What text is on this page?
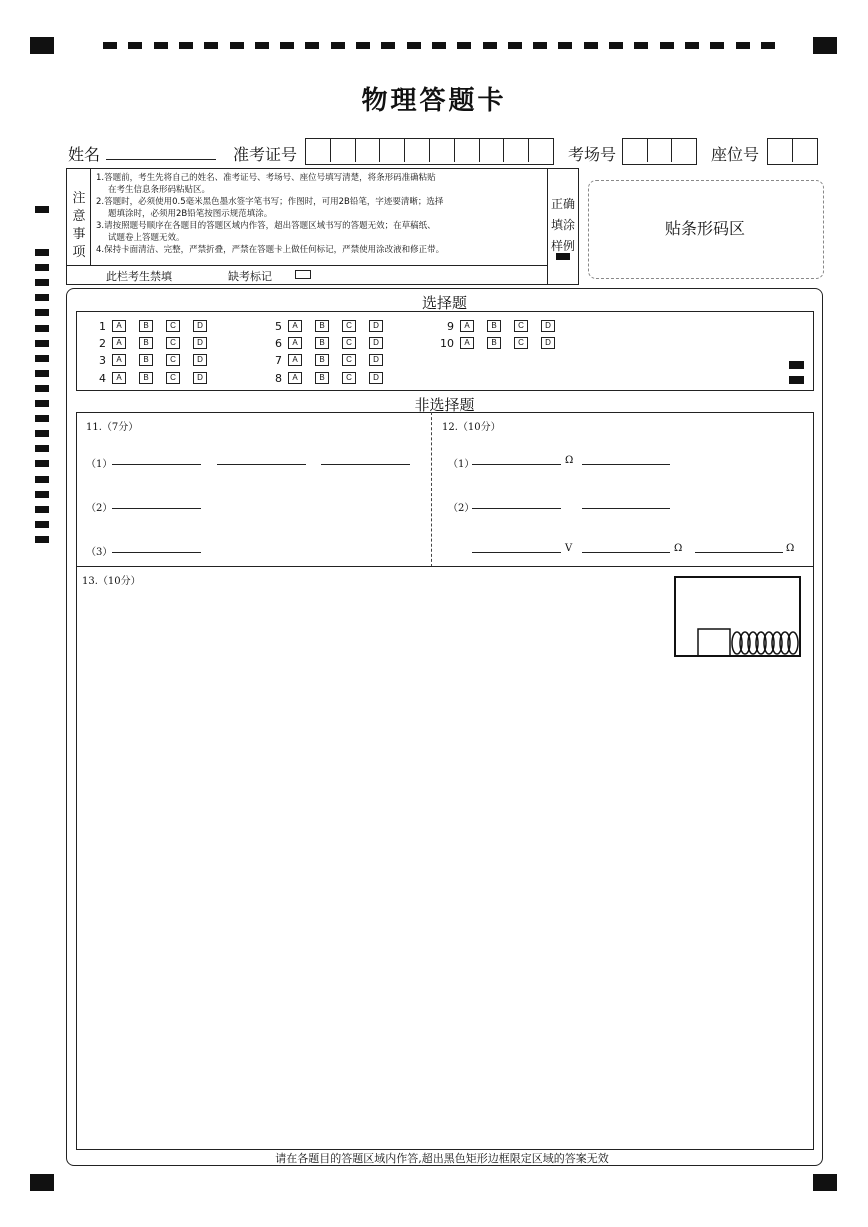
物理答题卡
姓名	准考证号	考场号	座位号
注
意
事
项
1.答题前，考生先将自己的姓名、准考证号、考场号、座位号填写清楚，将条形码准确粘贴
在考生信息条形码粘贴区。
2.答题时，必须使用0.5毫米黑色墨水签字笔书写；作图时，可用2B铅笔，字迹要清晰；选择
题填涂时，必须用2B铅笔按图示规范填涂。
3.请按照题号顺序在各题目的答题区域内作答，超出答题区域书写的答题无效；在草稿纸、
试题卷上答题无效。
4.保持卡面清洁、完整，严禁折叠，严禁在答题卡上做任何标记，严禁使用涂改液和修正带。
此栏考生禁填	缺考标记
正确
填涂
样例
贴条形码区
选择题
1 A	B	C	D
2 A	B	C	D
3 A	B	C	D
4 A	B	C	D
5 A	B	C	D
6 A	B	C	D
7 A	B	C	D
8 A	B	C	D
9 A	B	C	D
10 A	B	C	D
非选择题
11.（7分）
（1）
（2）
（3）
12.（10分）
（1）	Ω
（2）
V	Ω	Ω
13.（10分）
请在各题目的答题区域内作答,超出黑色矩形边框限定区域的答案无效
